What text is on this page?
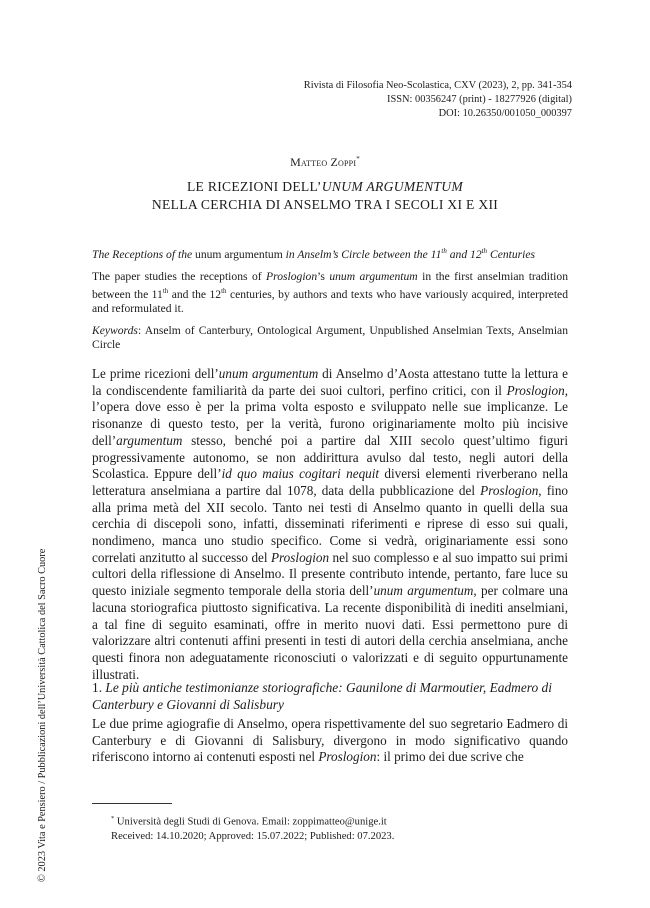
Rivista di Filosofia Neo-Scolastica, CXV (2023), 2, pp. 341-354
ISSN: 00356247 (print) - 18277926 (digital)
DOI: 10.26350/001050_000397
Matteo Zoppi*
LE RICEZIONI DELL’UNUM ARGUMENTUM
NELLA CERCHIA DI ANSELMO TRA I SECOLI XI E XII
The Receptions of the unum argumentum in Anselm’s Circle between the 11th and 12th Centuries
The paper studies the receptions of Proslogion’s unum argumentum in the first anselmian tradition between the 11th and the 12th centuries, by authors and texts who have variously acquired, interpreted and reformulated it.
Keywords: Anselm of Canterbury, Ontological Argument, Unpublished Anselmian Texts, Anselmian Circle

Le prime ricezioni dell’unum argumentum di Anselmo d’Aosta attestano tutte la lettura e la condiscendente familiarità da parte dei suoi cultori, perfino critici, con il Proslogion, l’opera dove esso è per la prima volta esposto e sviluppato nelle sue implicanze. Le risonanze di questo testo, per la verità, furono originariamente molto più incisive dell’argumentum stesso, benché poi a partire dal XIII secolo quest’ultimo figuri progressivamente autonomo, se non addirittura avulso dal testo, negli autori della Scolastica. Eppure dell’id quo maius cogitari nequit diversi elementi riverberano nella letteratura anselmiana a partire dal 1078, data della pubblicazione del Proslogion, fino alla prima metà del XII secolo. Tanto nei testi di Anselmo quanto in quelli della sua cerchia di discepoli sono, infatti, disseminati riferimenti e riprese di esso sui quali, nondimeno, manca uno studio specifico. Come si vedrà, originariamente essi sono correlati anzitutto al successo del Proslogion nel suo complesso e al suo impatto sui primi cultori della riflessione di Anselmo. Il presente contributo intende, pertanto, fare luce su questo iniziale segmento temporale della storia dell’unum argumentum, per colmare una lacuna storiografica piuttosto significativa. La recente disponibilità di inediti anselmiani, a tal fine di seguito esaminati, offre in merito nuovi dati. Essi permettono pure di valorizzare altri contenuti affini presenti in testi di autori della cerchia anselmiana, anche questi finora non adeguatamente riconosciuti o valorizzati e di seguito oppurtunamente illustrati.

1. Le più antiche testimonianze storiografiche: Gaunilone di Marmoutier, Eadmero di Canterbury e Giovanni di Salisbury
Le due prime agiografie di Anselmo, opera rispettivamente del suo segretario Eadmero di Canterbury e di Giovanni di Salisbury, divergono in modo significativo quando riferiscono intorno ai contenuti esposti nel Proslogion: il primo dei due scrive che
* Università degli Studi di Genova. Email: zoppimatteo@unige.it
Received: 14.10.2020; Approved: 15.07.2022; Published: 07.2023.
© 2023 Vita e Pensiero / Pubblicazioni dell’Università Cattolica del Sacro Cuore
